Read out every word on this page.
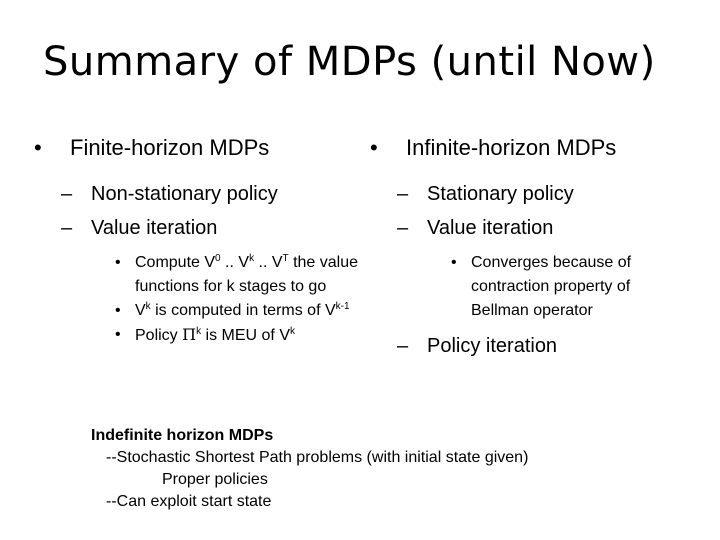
Summary of MDPs (until Now)
• Finite-horizon MDPs
– Non-stationary policy
– Value iteration
• Compute $V^0$ .. $V^k$ .. $V^T$ the value functions for k stages to go
• $V^k$ is computed in terms of $V^{k-1}$
• Policy $\Pi^k$ is MEU of $V^k$
• Infinite-horizon MDPs
– Stationary policy
– Value iteration
• Converges because of contraction property of Bellman operator
– Policy iteration
Indefinite horizon MDPs
--Stochastic Shortest Path problems (with initial state given)
Proper policies
--Can exploit start state
